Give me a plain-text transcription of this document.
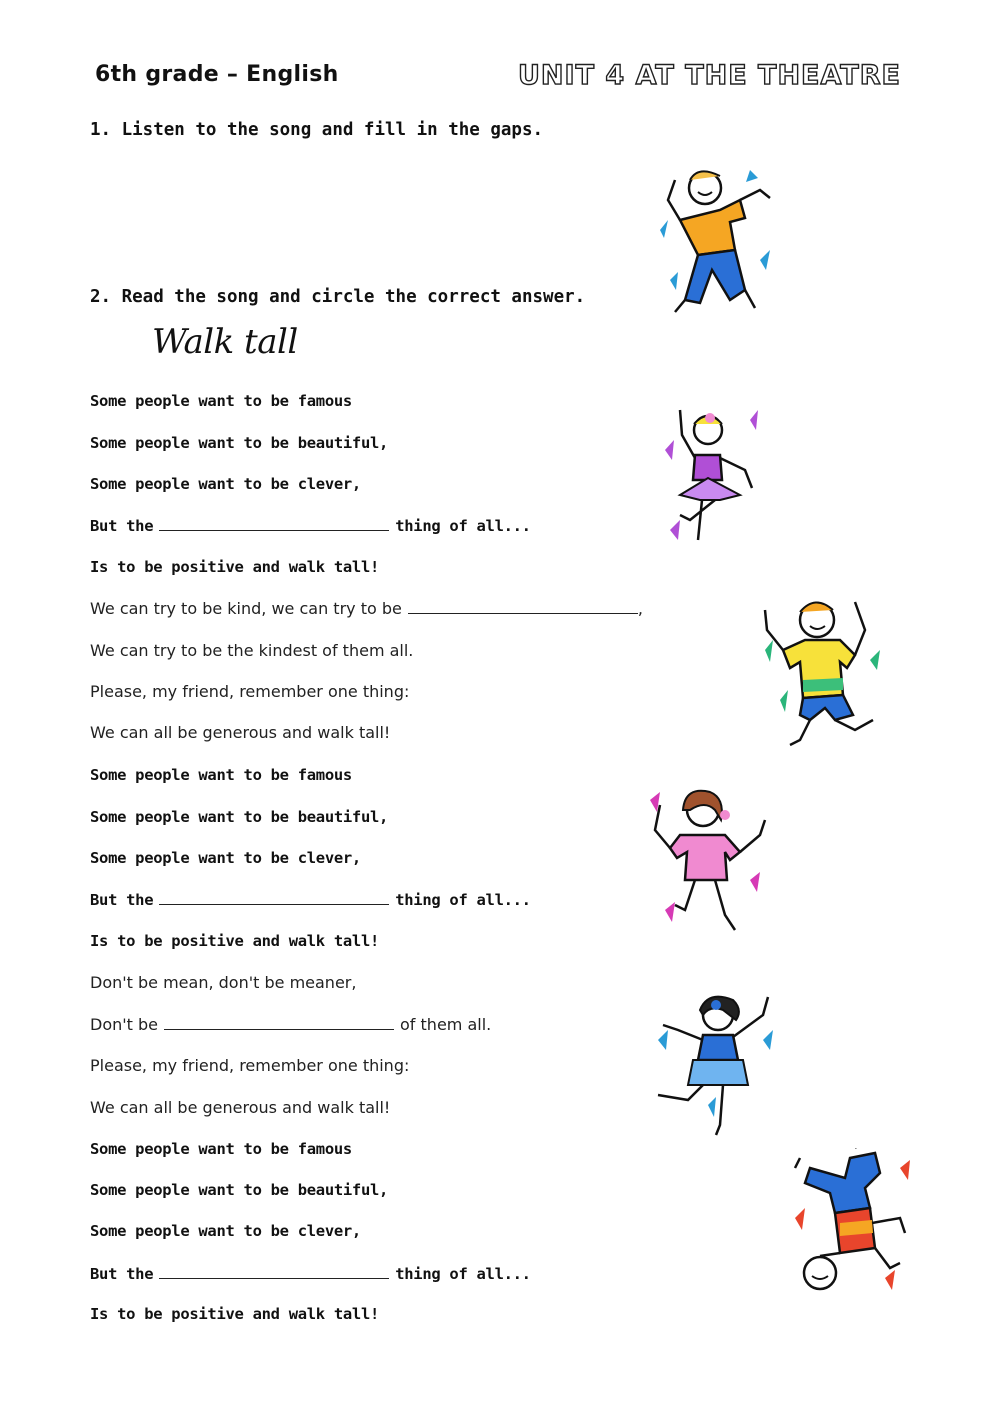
6th grade – English	UNIT 4 AT THE THEATRE
1. Listen to the song and fill in the gaps.
2. Read the song and circle the correct answer.
Walk tall
Some people want to be famous
Some people want to be beautiful,
Some people want to be clever,
But the	thing of all...
Is to be positive and walk tall!
We can try to be kind, we can try to be	,
We can try to be the kindest of them all.
Please, my friend, remember one thing:
We can all be generous and walk tall!
Some people want to be famous
Some people want to be beautiful,
Some people want to be clever,
But the	thing of all...
Is to be positive and walk tall!
Don't be mean, don't be meaner,
Don't be	of them all.
Please, my friend, remember one thing:
We can all be generous and walk tall!
Some people want to be famous
Some people want to be beautiful,
Some people want to be clever,
But the	thing of all...
Is to be positive and walk tall!
